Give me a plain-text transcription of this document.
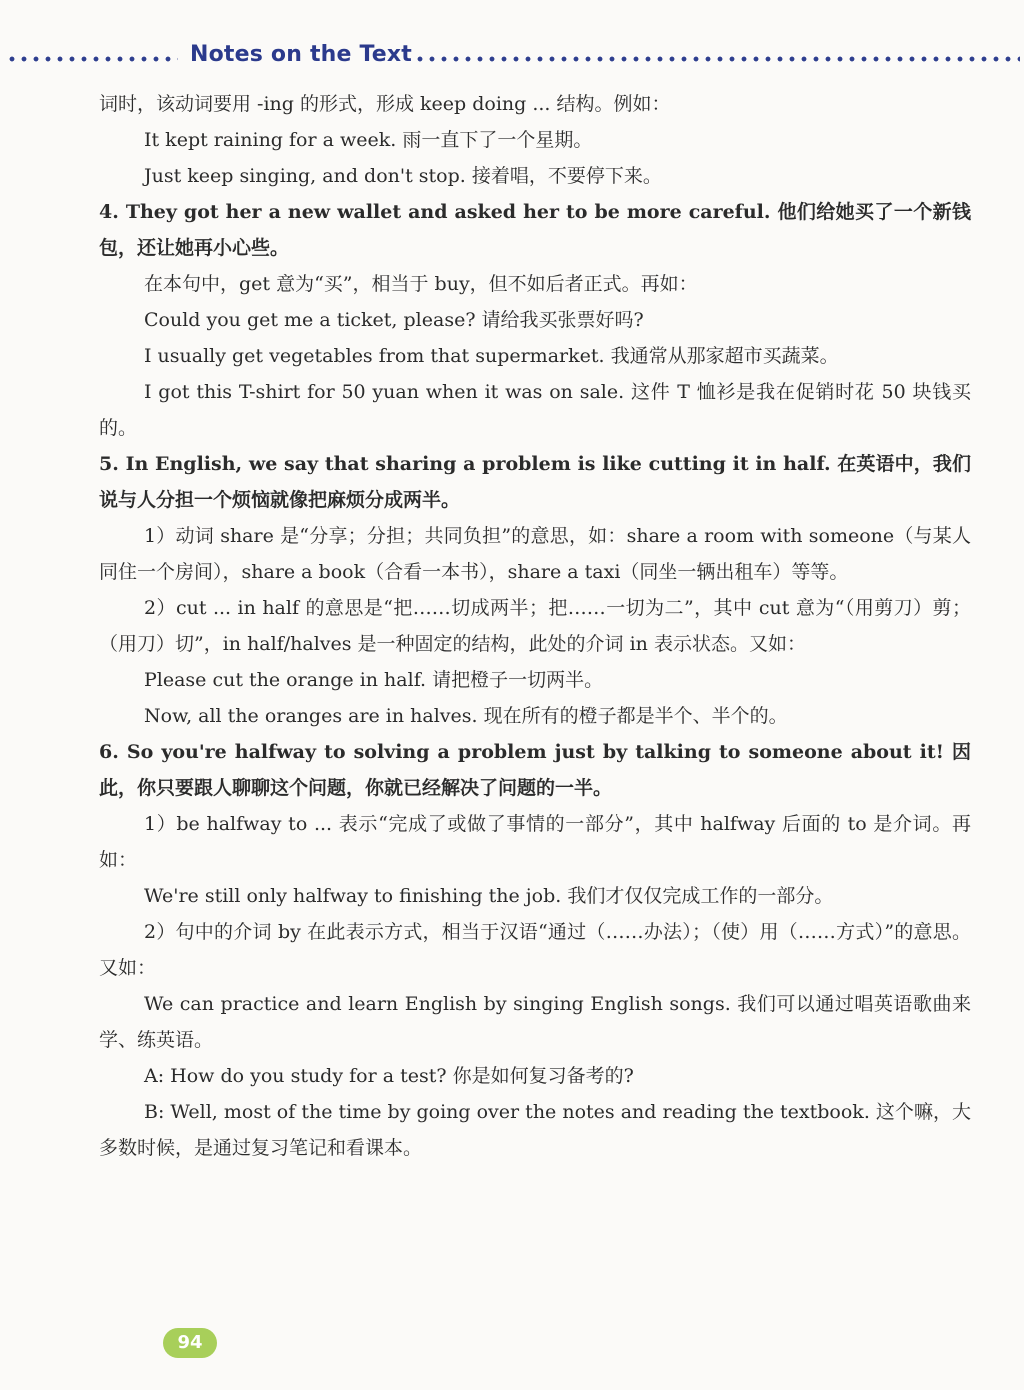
Notes on the Text

词时，该动词要用 -ing 的形式，形成 keep doing ... 结构。例如：

It kept raining for a week. 雨一直下了一个星期。

Just keep singing, and don't stop. 接着唱，不要停下来。

4. They got her a new wallet and asked her to be more careful. 他们给她买了一个新钱包，还让她再小心些。

在本句中，get 意为“买”，相当于 buy，但不如后者正式。再如：

Could you get me a ticket, please? 请给我买张票好吗?

I usually get vegetables from that supermarket. 我通常从那家超市买蔬菜。

I got this T-shirt for 50 yuan when it was on sale. 这件 T 恤衫是我在促销时花 50 块钱买的。

5. In English, we say that sharing a problem is like cutting it in half. 在英语中，我们说与人分担一个烦恼就像把麻烦分成两半。

1）动词 share 是“分享；分担；共同负担”的意思，如：share a room with someone（与某人同住一个房间），share a book（合看一本书），share a taxi（同坐一辆出租车）等等。

2）cut ... in half 的意思是“把……切成两半；把……一切为二”，其中 cut 意为“（用剪刀）剪；（用刀）切”，in half/halves 是一种固定的结构，此处的介词 in 表示状态。又如：

Please cut the orange in half. 请把橙子一切两半。

Now, all the oranges are in halves. 现在所有的橙子都是半个、半个的。

6. So you're halfway to solving a problem just by talking to someone about it! 因此，你只要跟人聊聊这个问题，你就已经解决了问题的一半。

1）be halfway to ... 表示“完成了或做了事情的一部分”，其中 halfway 后面的 to 是介词。再如：

We're still only halfway to finishing the job. 我们才仅仅完成工作的一部分。

2）句中的介词 by 在此表示方式，相当于汉语“通过（……办法）；（使）用（……方式）”的意思。又如：

We can practice and learn English by singing English songs. 我们可以通过唱英语歌曲来学、练英语。

A: How do you study for a test? 你是如何复习备考的?

B: Well, most of the time by going over the notes and reading the textbook. 这个嘛，大多数时候，是通过复习笔记和看课本。

94
